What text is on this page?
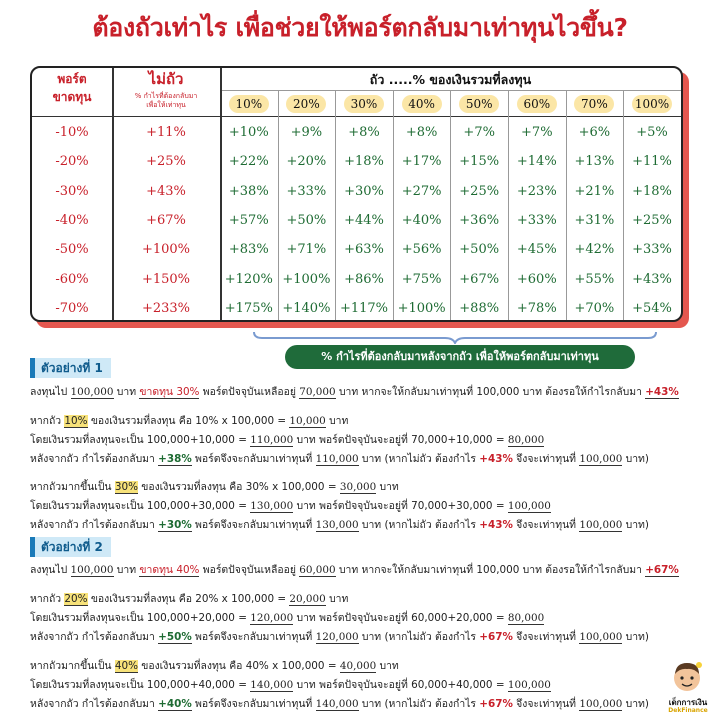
ต้องถัวเท่าไร เพื่อช่วยให้พอร์ตกลับมาเท่าทุนไวขึ้น?
พอร์ต
ขาดทุน
ไม่ถัว
% กำไรที่ต้องกลับมา
เพื่อให้เท่าทุน
ถัว .....% ของเงินรวมที่ลงทุน
10%	20%	30%	40%	50%	60%	70%	100%
-10%	+11%	+10%	+9%	+8%	+8%	+7%	+7%	+6%	+5%
-20%	+25%	+22%	+20%	+18%	+17%	+15%	+14%	+13%	+11%
-30%	+43%	+38%	+33%	+30%	+27%	+25%	+23%	+21%	+18%
-40%	+67%	+57%	+50%	+44%	+40%	+36%	+33%	+31%	+25%
-50%	+100%	+83%	+71%	+63%	+56%	+50%	+45%	+42%	+33%
-60%	+150%	+120% +100%	+86%	+75%	+67%	+60%	+55%	+43%
-70%	+233%	+175% +140% +117% +100%	+88%	+78%	+70%	+54%
% กำไรที่ต้องกลับมาหลังจากถัว เพื่อให้พอร์ตกลับมาเท่าทุน
ตัวอย่างที่ 1
ลงทุนไป 100,000 บาท ขาดทุน 30% พอร์ตปัจจุบันเหลืออยู่ 70,000 บาท หากจะให้กลับมาเท่าทุนที่ 100,000 บาท ต้องรอให้กำไรกลับมา +43%
หากถัว 10% ของเงินรวมที่ลงทุน คือ 10% x 100,000 = 10,000 บาท
โดยเงินรวมที่ลงทุนจะเป็น 100,000+10,000 = 110,000 บาท พอร์ตปัจจุบันจะอยู่ที่ 70,000+10,000 = 80,000
หลังจากถัว กำไรต้องกลับมา +38% พอร์ตจึงจะกลับมาเท่าทุนที่ 110,000 บาท (หากไม่ถัว ต้องกำไร +43% จึงจะเท่าทุนที่ 100,000 บาท)
หากถัวมากขึ้นเป็น 30% ของเงินรวมที่ลงทุน คือ 30% x 100,000 = 30,000 บาท
โดยเงินรวมที่ลงทุนจะเป็น 100,000+30,000 = 130,000 บาท พอร์ตปัจจุบันจะอยู่ที่ 70,000+30,000 = 100,000
หลังจากถัว กำไรต้องกลับมา +30% พอร์ตจึงจะกลับมาเท่าทุนที่ 130,000 บาท (หากไม่ถัว ต้องกำไร +43% จึงจะเท่าทุนที่ 100,000 บาท)
ตัวอย่างที่ 2
ลงทุนไป 100,000 บาท ขาดทุน 40% พอร์ตปัจจุบันเหลืออยู่ 60,000 บาท หากจะให้กลับมาเท่าทุนที่ 100,000 บาท ต้องรอให้กำไรกลับมา +67%
หากถัว 20% ของเงินรวมที่ลงทุน คือ 20% x 100,000 = 20,000 บาท
โดยเงินรวมที่ลงทุนจะเป็น 100,000+20,000 = 120,000 บาท พอร์ตปัจจุบันจะอยู่ที่ 60,000+20,000 = 80,000
หลังจากถัว กำไรต้องกลับมา +50% พอร์ตจึงจะกลับมาเท่าทุนที่ 120,000 บาท (หากไม่ถัว ต้องกำไร +67% จึงจะเท่าทุนที่ 100,000 บาท)
หากถัวมากขึ้นเป็น 40% ของเงินรวมที่ลงทุน คือ 40% x 100,000 = 40,000 บาท
โดยเงินรวมที่ลงทุนจะเป็น 100,000+40,000 = 140,000 บาท พอร์ตปัจจุบันจะอยู่ที่ 60,000+40,000 = 100,000
หลังจากถัว กำไรต้องกลับมา +40% พอร์ตจึงจะกลับมาเท่าทุนที่ 140,000 บาท (หากไม่ถัว ต้องกำไร +67% จึงจะเท่าทุนที่ 100,000 บาท)	เด็กการเงิน
DekFinance
